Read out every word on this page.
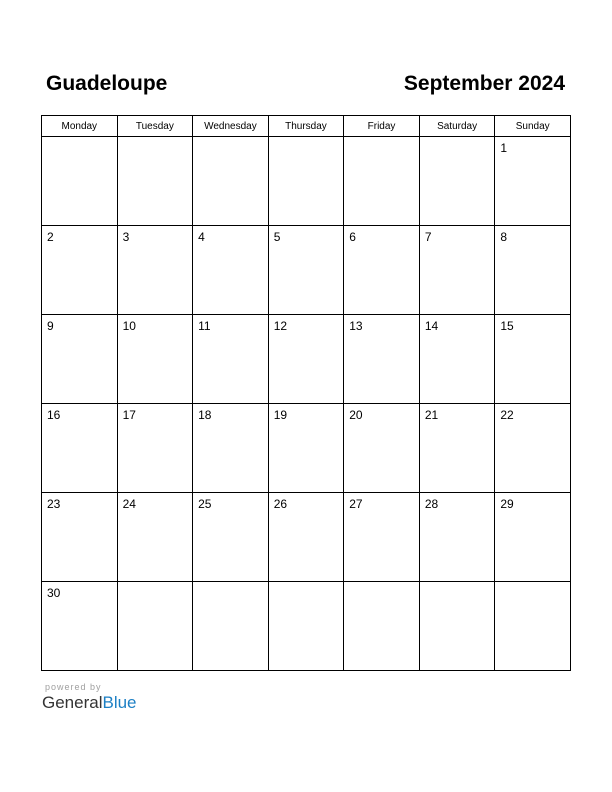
Guadeloupe	September 2024
Monday	Tuesday	Wednesday	Thursday	Friday	Saturday	Sunday

						1

2	3	4	5	6	7	8

9	10	11	12	13	14	15

16	17	18	19	20	21	22

23	24	25	26	27	28	29

30						

powered by
GeneralBlue
